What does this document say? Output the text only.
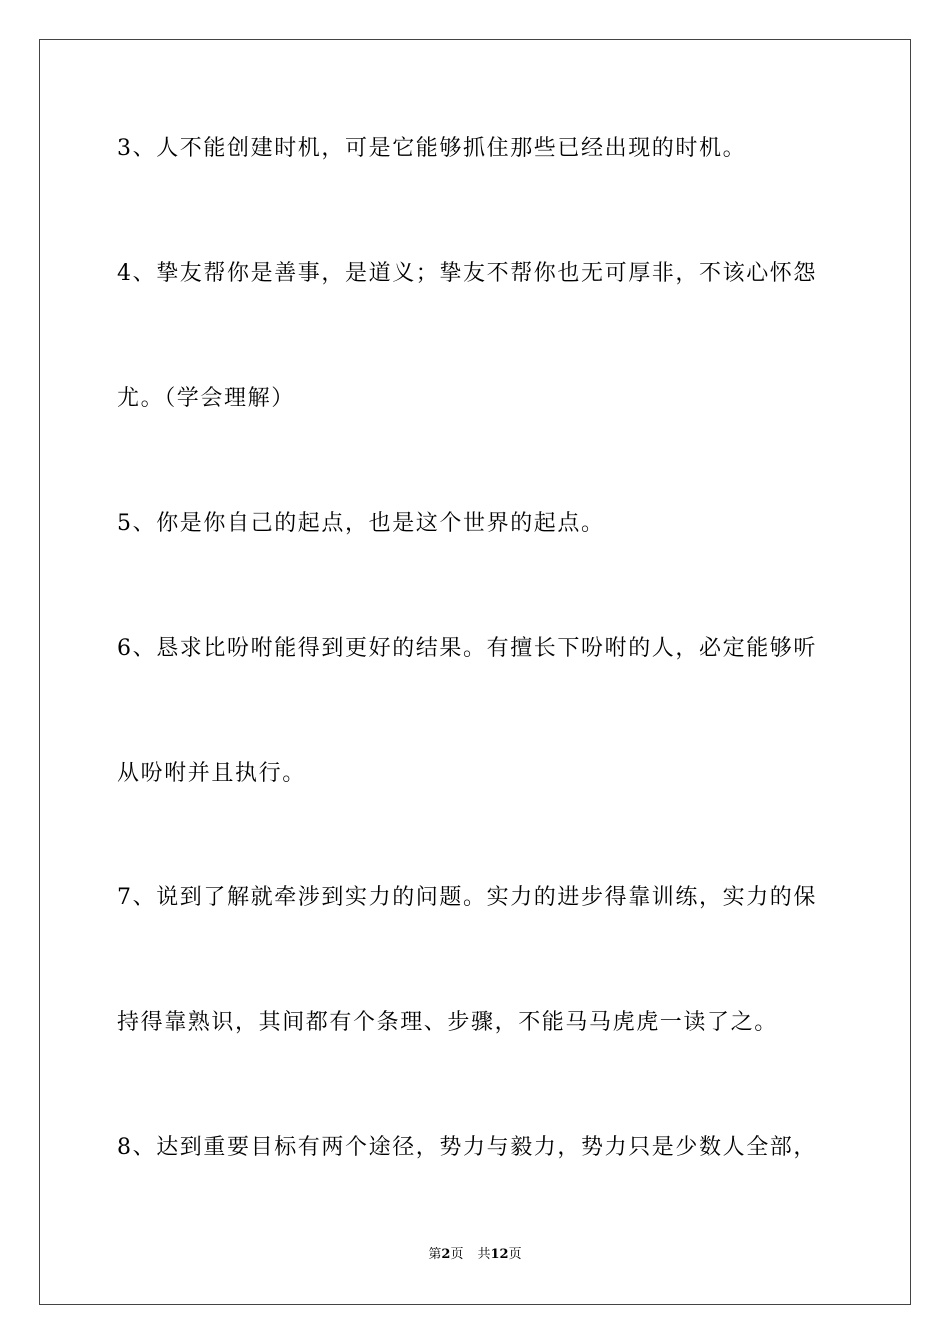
3、人不能创建时机，可是它能够抓住那些已经出现的时机。
4、挚友帮你是善事，是道义；挚友不帮你也无可厚非，不该心怀怨
尤。（学会理解）
5、你是你自己的起点，也是这个世界的起点。
6、恳求比吩咐能得到更好的结果。有擅长下吩咐的人，必定能够听
从吩咐并且执行。
7、说到了解就牵涉到实力的问题。实力的进步得靠训练，实力的保
持得靠熟识，其间都有个条理、步骤，不能马马虎虎一读了之。
8、达到重要目标有两个途径，势力与毅力，势力只是少数人全部，
第2页 共12页
